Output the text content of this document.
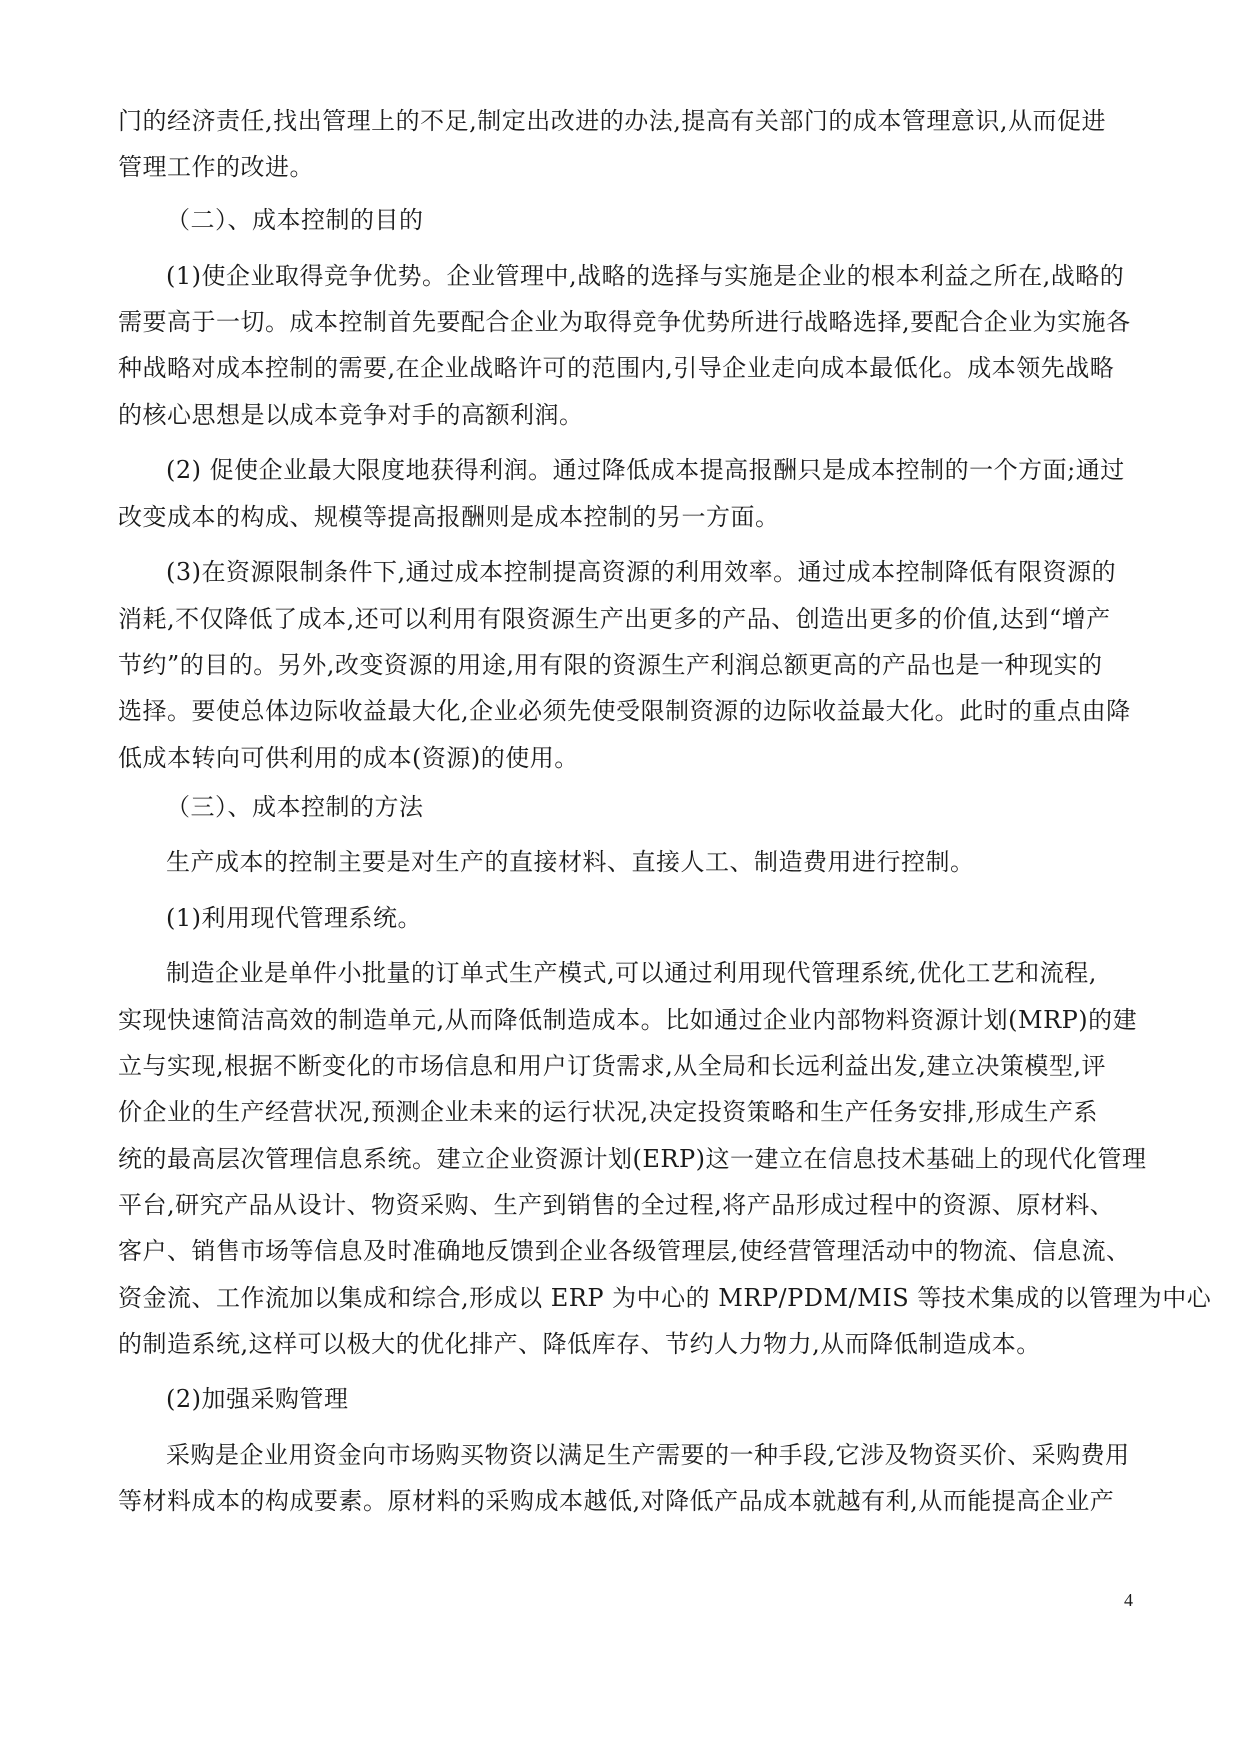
门的经济责任,找出管理上的不足,制定出改进的办法,提高有关部门的成本管理意识,从而促进
管理工作的改进。
（二）、成本控制的目的
(1)使企业取得竞争优势。企业管理中,战略的选择与实施是企业的根本利益之所在,战略的
需要高于一切。成本控制首先要配合企业为取得竞争优势所进行战略选择,要配合企业为实施各
种战略对成本控制的需要,在企业战略许可的范围内,引导企业走向成本最低化。成本领先战略
的核心思想是以成本竞争对手的高额利润。
(2) 促使企业最大限度地获得利润。通过降低成本提高报酬只是成本控制的一个方面;通过
改变成本的构成、规模等提高报酬则是成本控制的另一方面。
(3)在资源限制条件下,通过成本控制提高资源的利用效率。通过成本控制降低有限资源的
消耗,不仅降低了成本,还可以利用有限资源生产出更多的产品、创造出更多的价值,达到“增产
节约”的目的。另外,改变资源的用途,用有限的资源生产利润总额更高的产品也是一种现实的
选择。要使总体边际收益最大化,企业必须先使受限制资源的边际收益最大化。此时的重点由降
低成本转向可供利用的成本(资源)的使用。
（三）、成本控制的方法
生产成本的控制主要是对生产的直接材料、直接人工、制造费用进行控制。
(1)利用现代管理系统。
制造企业是单件小批量的订单式生产模式,可以通过利用现代管理系统,优化工艺和流程,
实现快速简洁高效的制造单元,从而降低制造成本。比如通过企业内部物料资源计划(MRP)的建
立与实现,根据不断变化的市场信息和用户订货需求,从全局和长远利益出发,建立决策模型,评
价企业的生产经营状况,预测企业未来的运行状况,决定投资策略和生产任务安排,形成生产系
统的最高层次管理信息系统。建立企业资源计划(ERP)这一建立在信息技术基础上的现代化管理
平台,研究产品从设计、物资采购、生产到销售的全过程,将产品形成过程中的资源、原材料、
客户、销售市场等信息及时准确地反馈到企业各级管理层,使经营管理活动中的物流、信息流、
资金流、工作流加以集成和综合,形成以 ERP 为中心的 MRP/PDM/MIS 等技术集成的以管理为中心
的制造系统,这样可以极大的优化排产、降低库存、节约人力物力,从而降低制造成本。
(2)加强采购管理
采购是企业用资金向市场购买物资以满足生产需要的一种手段,它涉及物资买价、采购费用
等材料成本的构成要素。原材料的采购成本越低,对降低产品成本就越有利,从而能提高企业产
4
